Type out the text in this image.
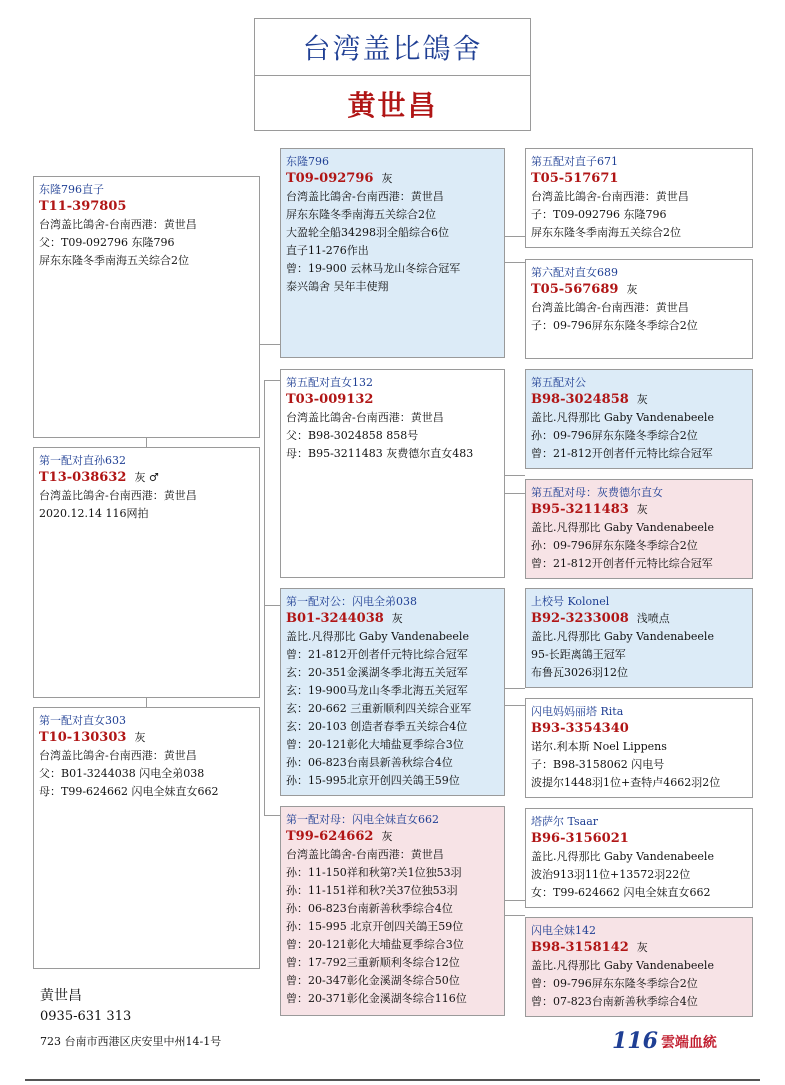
台湾盖比鴿舍
黄世昌
东隆796直子
T11-397805
台湾盖比鴿舍-台南西港：黄世昌
父：T09-092796 东隆796
屏东东隆冬季南海五关综合2位
第一配对直孙632
T13-038632 灰 ♂
台湾盖比鴿舍-台南西港：黄世昌
2020.12.14 116网拍
第一配对直女303
T10-130303 灰
台湾盖比鴿舍-台南西港：黄世昌
父：B01-3244038 闪电全弟038
母：T99-624662 闪电全妹直女662
东隆796
T09-092796 灰
台湾盖比鴿舍-台南西港：黄世昌
屏东东隆冬季南海五关综合2位
大盈轮全船34298羽全船综合6位
直子11-276作出
曾：19-900 云林马龙山冬综合冠军
泰兴鴿舍 吴年丰使翔
第五配对直女132
T03-009132
台湾盖比鴿舍-台南西港：黄世昌
父：B98-3024858 858号
母：B95-3211483 灰费德尔直女483
第一配对公：闪电全弟038
B01-3244038 灰
盖比.凡得那比 Gaby Vandenabeele
曾：21-812开创者仟元特比综合冠军
玄：20-351金溪湖冬季北海五关冠军
玄：19-900马龙山冬季北海五关冠军
玄：20-662 三重新顺利四关综合亚军
玄：20-103 创造者春季五关综合4位
曾：20-121彰化大埔盐夏季综合3位
孙：06-823台南县新善秋综合4位
孙：15-995北京开创四关鴿王59位
第一配对母：闪电全妹直女662
T99-624662 灰
台湾盖比鴿舍-台南西港：黄世昌
孙：11-150祥和秋第?关1位独53羽
孙：11-151祥和秋?关37位独53羽
孙：06-823台南新善秋季综合4位
孙：15-995 北京开创四关鴿王59位
曾：20-121彰化大埔盐夏季综合3位
曾：17-792三重新顺利冬综合12位
曾：20-347彰化金溪湖冬综合50位
曾：20-371彰化金溪湖冬综合116位
第五配对直子671
T05-517671
台湾盖比鴿舍-台南西港：黄世昌
子：T09-092796 东隆796
屏东东隆冬季南海五关综合2位
第六配对直女689
T05-567689 灰
台湾盖比鴿舍-台南西港：黄世昌
子：09-796屏东东隆冬季综合2位
第五配对公
B98-3024858 灰
盖比.凡得那比 Gaby Vandenabeele
孙：09-796屏东东隆冬季综合2位
曾：21-812开创者仟元特比综合冠军
第五配对母：灰费德尔直女
B95-3211483 灰
盖比.凡得那比 Gaby Vandenabeele
孙：09-796屏东东隆冬季综合2位
曾：21-812开创者仟元特比综合冠军
上校号 Kolonel
B92-3233008 浅喷点
盖比.凡得那比 Gaby Vandenabeele
95-长距离鴿王冠军
布鲁瓦3026羽12位
闪电妈妈丽塔 Rita
B93-3354340
诺尔.利本斯 Noel Lippens
子：B98-3158062 闪电号
波提尔1448羽1位+查特卢4662羽2位
塔萨尔 Tsaar
B96-3156021
盖比.凡得那比 Gaby Vandenabeele
波治913羽11位+13572羽22位
女：T99-624662 闪电全妹直女662
闪电全妹142
B98-3158142 灰
盖比.凡得那比 Gaby Vandenabeele
曾：09-796屏东东隆冬季综合2位
曾：07-823台南新善秋季综合4位
黄世昌
0935-631 313
723 台南市西港区庆安里中州14-1号	116 雲端血統
